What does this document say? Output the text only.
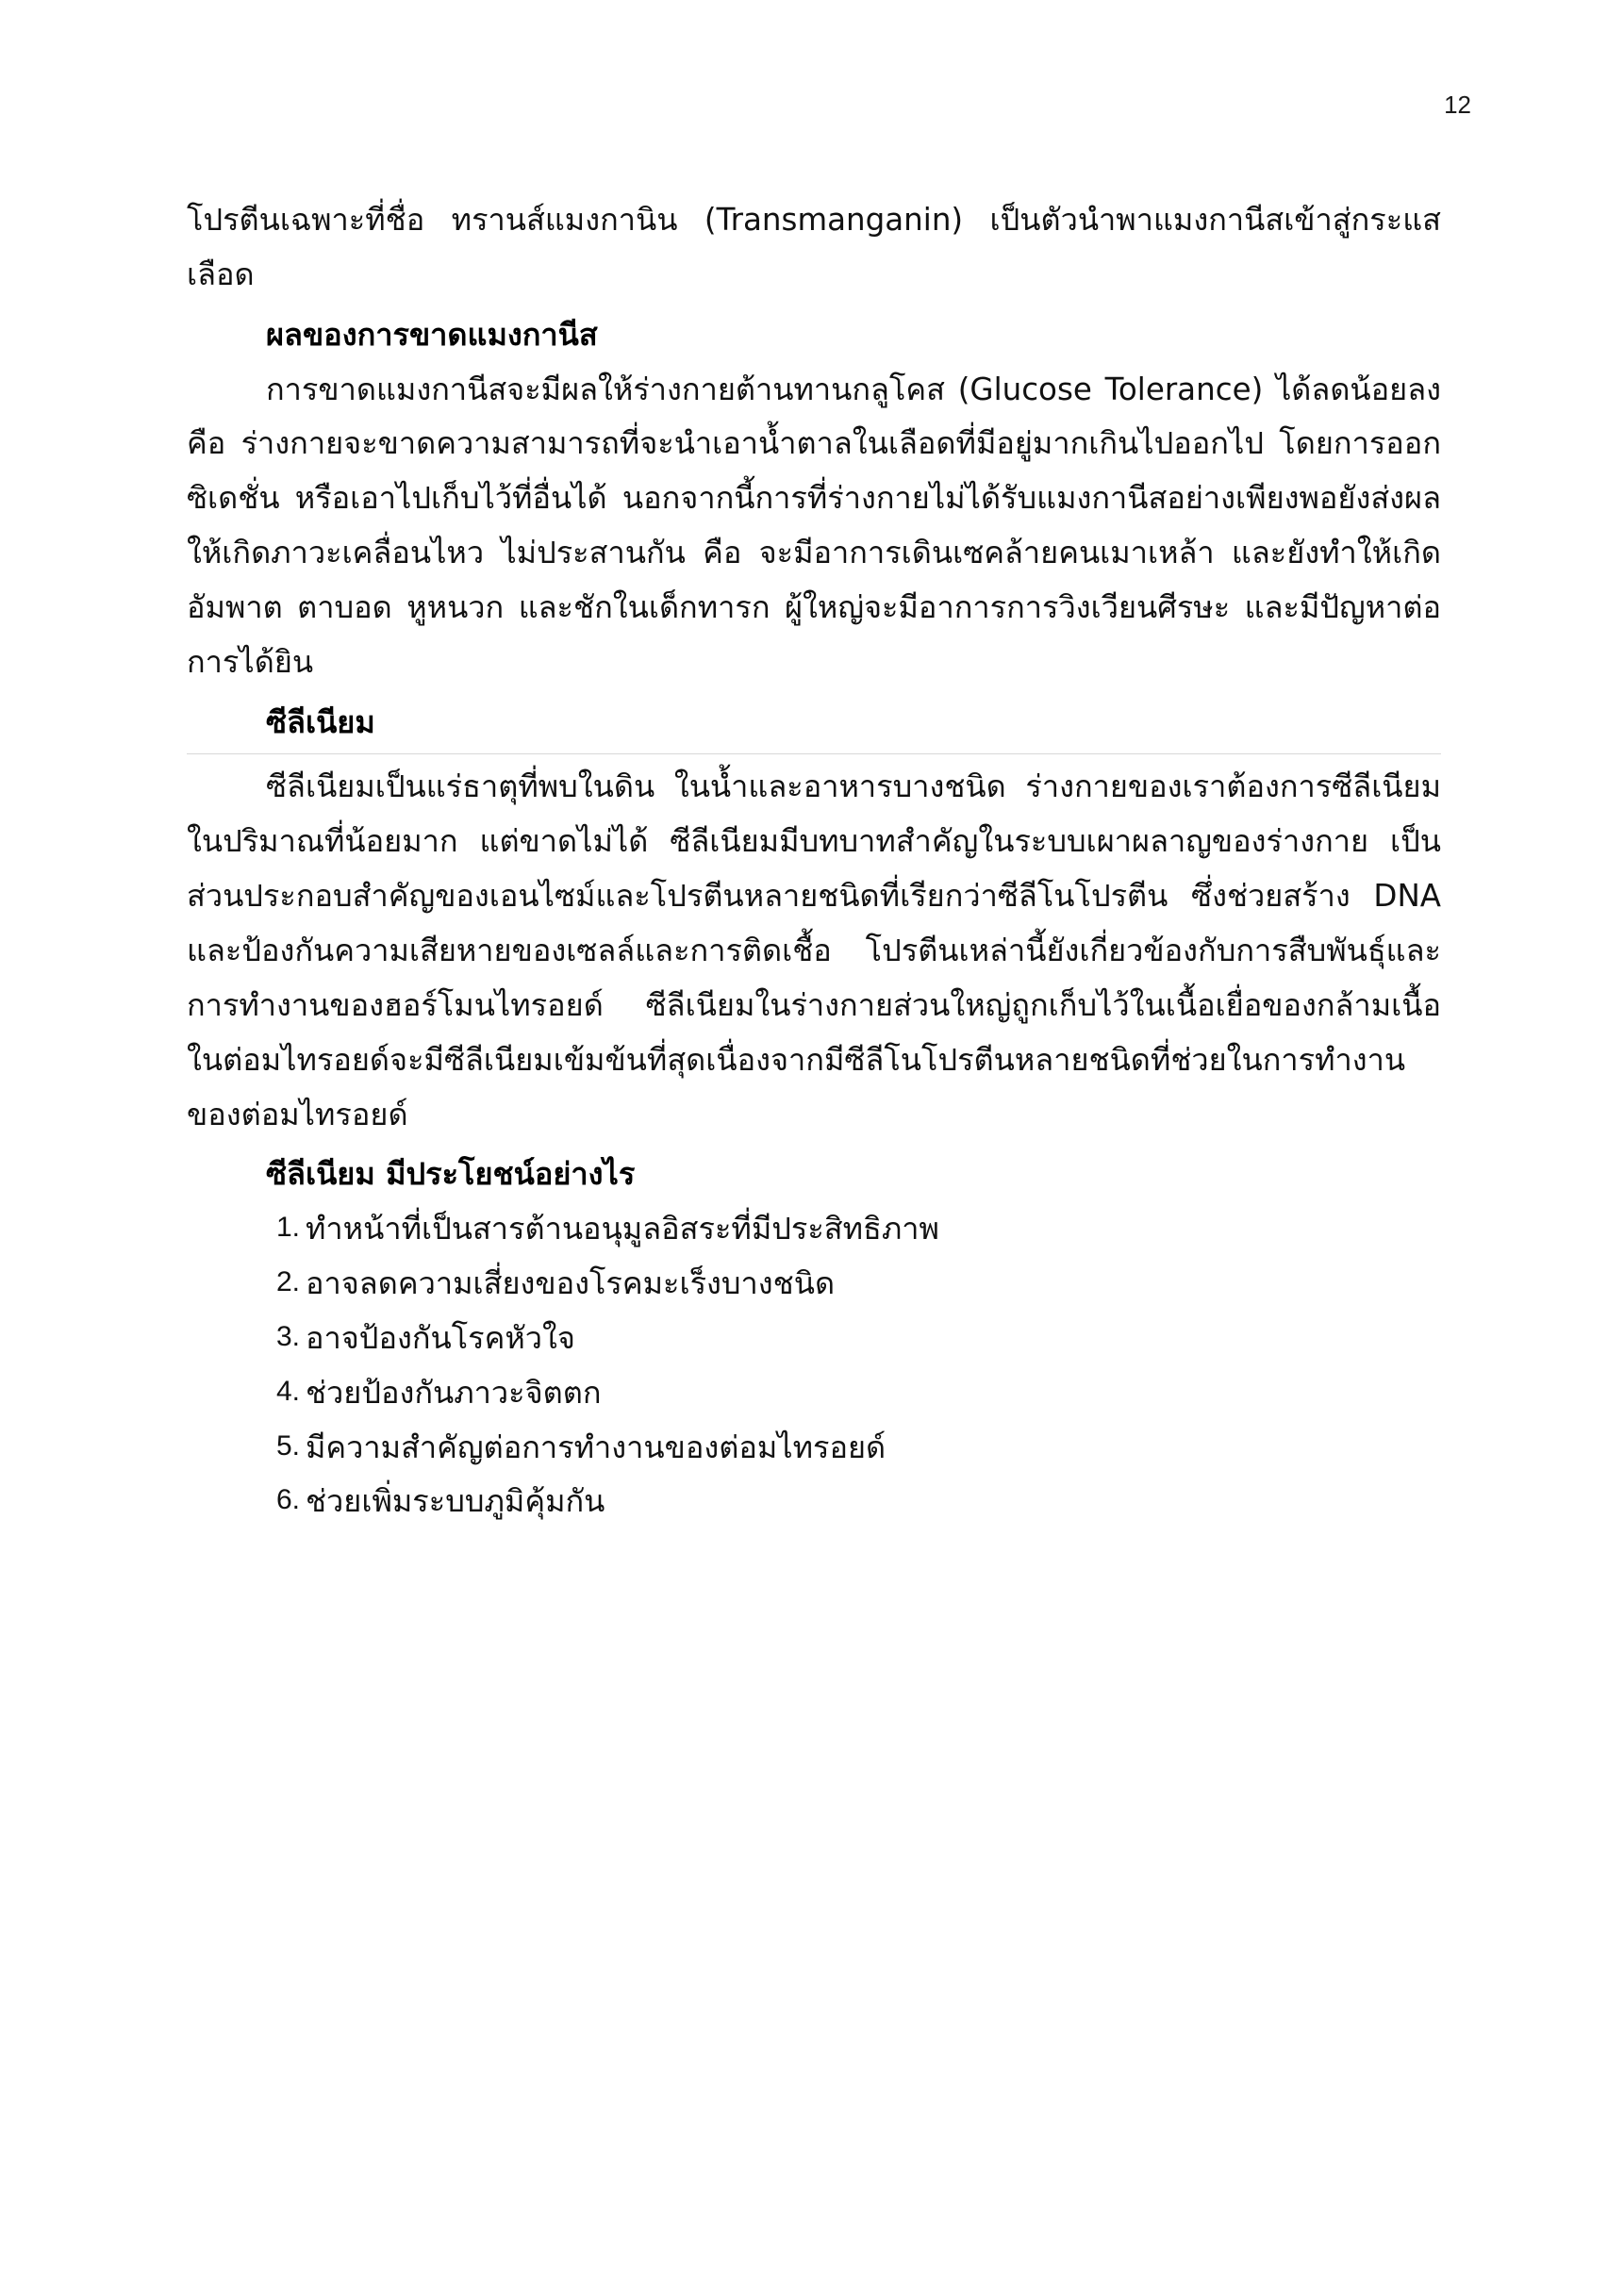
12

โปรตีนเฉพาะที่ชื่อ ทรานส์แมงกานิน (Transmanganin) เป็นตัวนำพาแมงกานีสเข้าสู่กระแสเลือด

ผลของการขาดแมงกานีส

การขาดแมงกานีสจะมีผลให้ร่างกายต้านทานกลูโคส (Glucose Tolerance) ได้ลดน้อยลง คือ ร่างกายจะขาดความสามารถที่จะนำเอาน้ำตาลในเลือดที่มีอยู่มากเกินไปออกไป โดยการออกซิเดชั่น หรือเอาไปเก็บไว้ที่อื่นได้ นอกจากนี้การที่ร่างกายไม่ได้รับแมงกานีสอย่างเพียงพอยังส่งผลให้เกิดภาวะเคลื่อนไหว ไม่ประสานกัน คือ จะมีอาการเดินเซคล้ายคนเมาเหล้า และยังทำให้เกิดอัมพาต ตาบอด หูหนวก และชักในเด็กทารก ผู้ใหญ่จะมีอาการการวิงเวียนศีรษะ และมีปัญหาต่อการได้ยิน

ซีลีเนียม

ซีลีเนียมเป็นแร่ธาตุที่พบในดิน ในน้ำและอาหารบางชนิด ร่างกายของเราต้องการซีลีเนียมในปริมาณที่น้อยมาก แต่ขาดไม่ได้ ซีลีเนียมมีบทบาทสำคัญในระบบเผาผลาญของร่างกาย เป็นส่วนประกอบสำคัญของเอนไซม์และโปรตีนหลายชนิดที่เรียกว่าซีลีโนโปรตีน ซึ่งช่วยสร้าง DNA และป้องกันความเสียหายของเซลล์และการติดเชื้อ โปรตีนเหล่านี้ยังเกี่ยวข้องกับการสืบพันธุ์และการทำงานของฮอร์โมนไทรอยด์ ซีลีเนียมในร่างกายส่วนใหญ่ถูกเก็บไว้ในเนื้อเยื่อของกล้ามเนื้อ ในต่อมไทรอยด์จะมีซีลีเนียมเข้มข้นที่สุดเนื่องจากมีซีลีโนโปรตีนหลายชนิดที่ช่วยในการทำงานของต่อมไทรอยด์

ซีลีเนียม มีประโยชน์อย่างไร
1. ทำหน้าที่เป็นสารต้านอนุมูลอิสระที่มีประสิทธิภาพ
2. อาจลดความเสี่ยงของโรคมะเร็งบางชนิด
3. อาจป้องกันโรคหัวใจ
4. ช่วยป้องกันภาวะจิตตก
5. มีความสำคัญต่อการทำงานของต่อมไทรอยด์
6. ช่วยเพิ่มระบบภูมิคุ้มกัน
